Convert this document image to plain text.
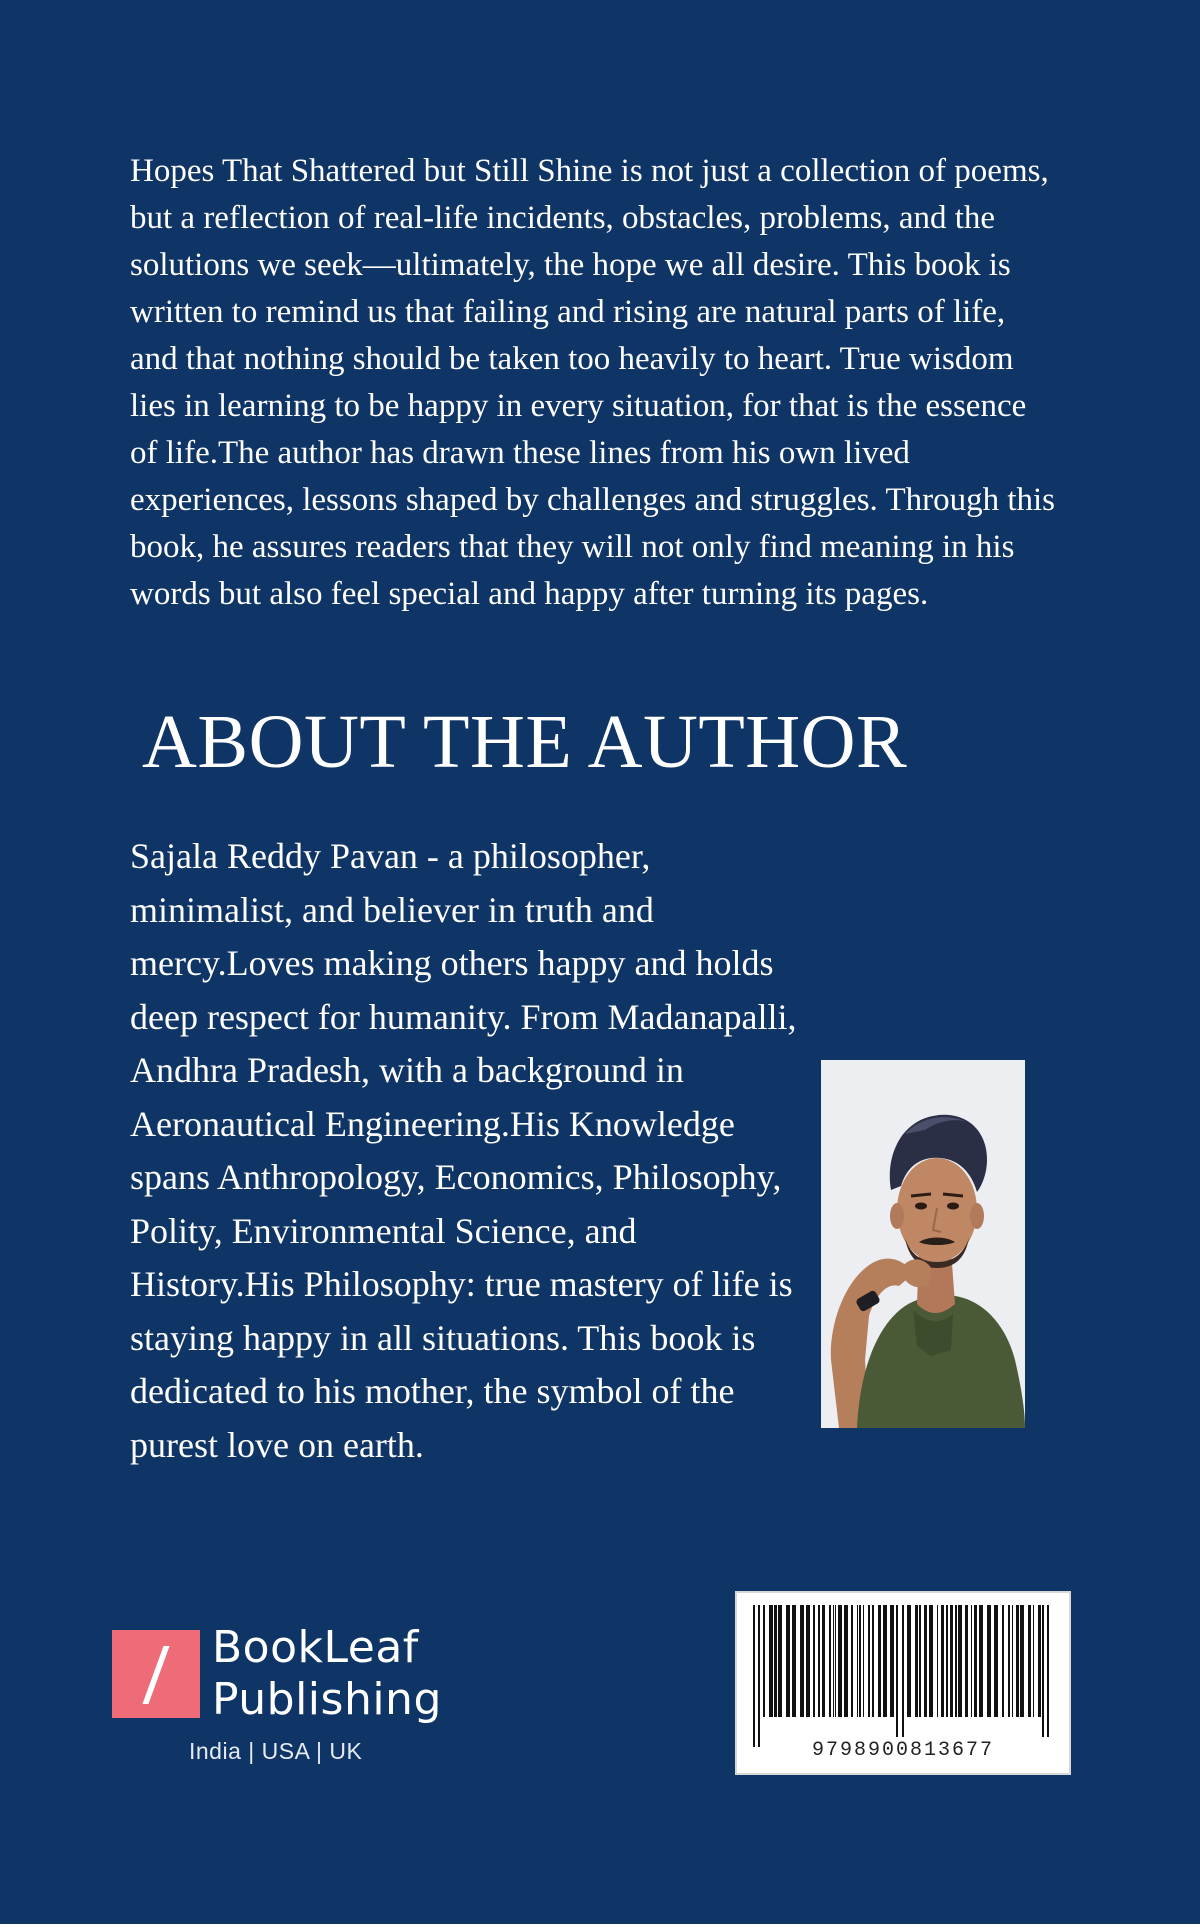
Hopes That Shattered but Still Shine is not just a collection of poems, but a reflection of real-life incidents, obstacles, problems, and the solutions we seek—ultimately, the hope we all desire. This book is written to remind us that failing and rising are natural parts of life, and that nothing should be taken too heavily to heart. True wisdom lies in learning to be happy in every situation, for that is the essence of life.The author has drawn these lines from his own lived experiences, lessons shaped by challenges and struggles. Through this book, he assures readers that they will not only find meaning in his words but also feel special and happy after turning its pages.

ABOUT THE AUTHOR

Sajala Reddy Pavan - a philosopher, minimalist, and believer in truth and mercy.Loves making others happy and holds deep respect for humanity. From Madanapalli, Andhra Pradesh, with a background in Aeronautical Engineering.His Knowledge spans Anthropology, Economics, Philosophy, Polity, Environmental Science, and History.His Philosophy: true mastery of life is staying happy in all situations. This book is dedicated to his mother, the symbol of the purest love on earth.

BookLeaf
Publishing
India | USA | UK	9798900813677
